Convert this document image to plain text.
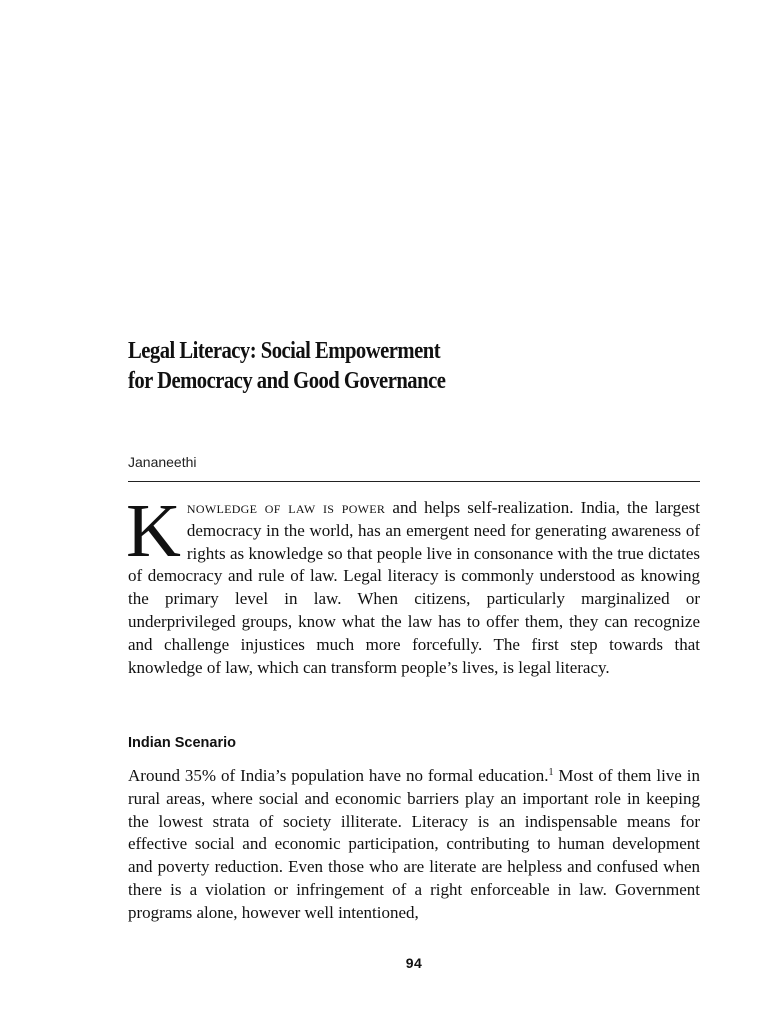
Legal Literacy: Social Empowerment
for Democracy and Good Governance
Jananeethi

Knowledge of law is power and helps self-realization. India, the largest democracy in the world, has an emergent need for generating awareness of rights as knowledge so that people live in consonance with the true dictates of democracy and rule of law. Legal literacy is commonly understood as knowing the primary level in law. When citizens, particularly marginalized or underprivileged groups, know what the law has to offer them, they can recognize and challenge injustices much more forcefully. The first step towards that knowledge of law, which can transform people’s lives, is legal literacy.

Indian Scenario

Around 35% of India’s population have no formal education.$^1$ Most of them live in rural areas, where social and economic barriers play an important role in keeping the lowest strata of society illiterate. Literacy is an indispensable means for effective social and economic participation, contributing to human development and poverty reduction. Even those who are literate are helpless and confused when there is a violation or infringement of a right enforceable in law. Government programs alone, however well intentioned,

94
